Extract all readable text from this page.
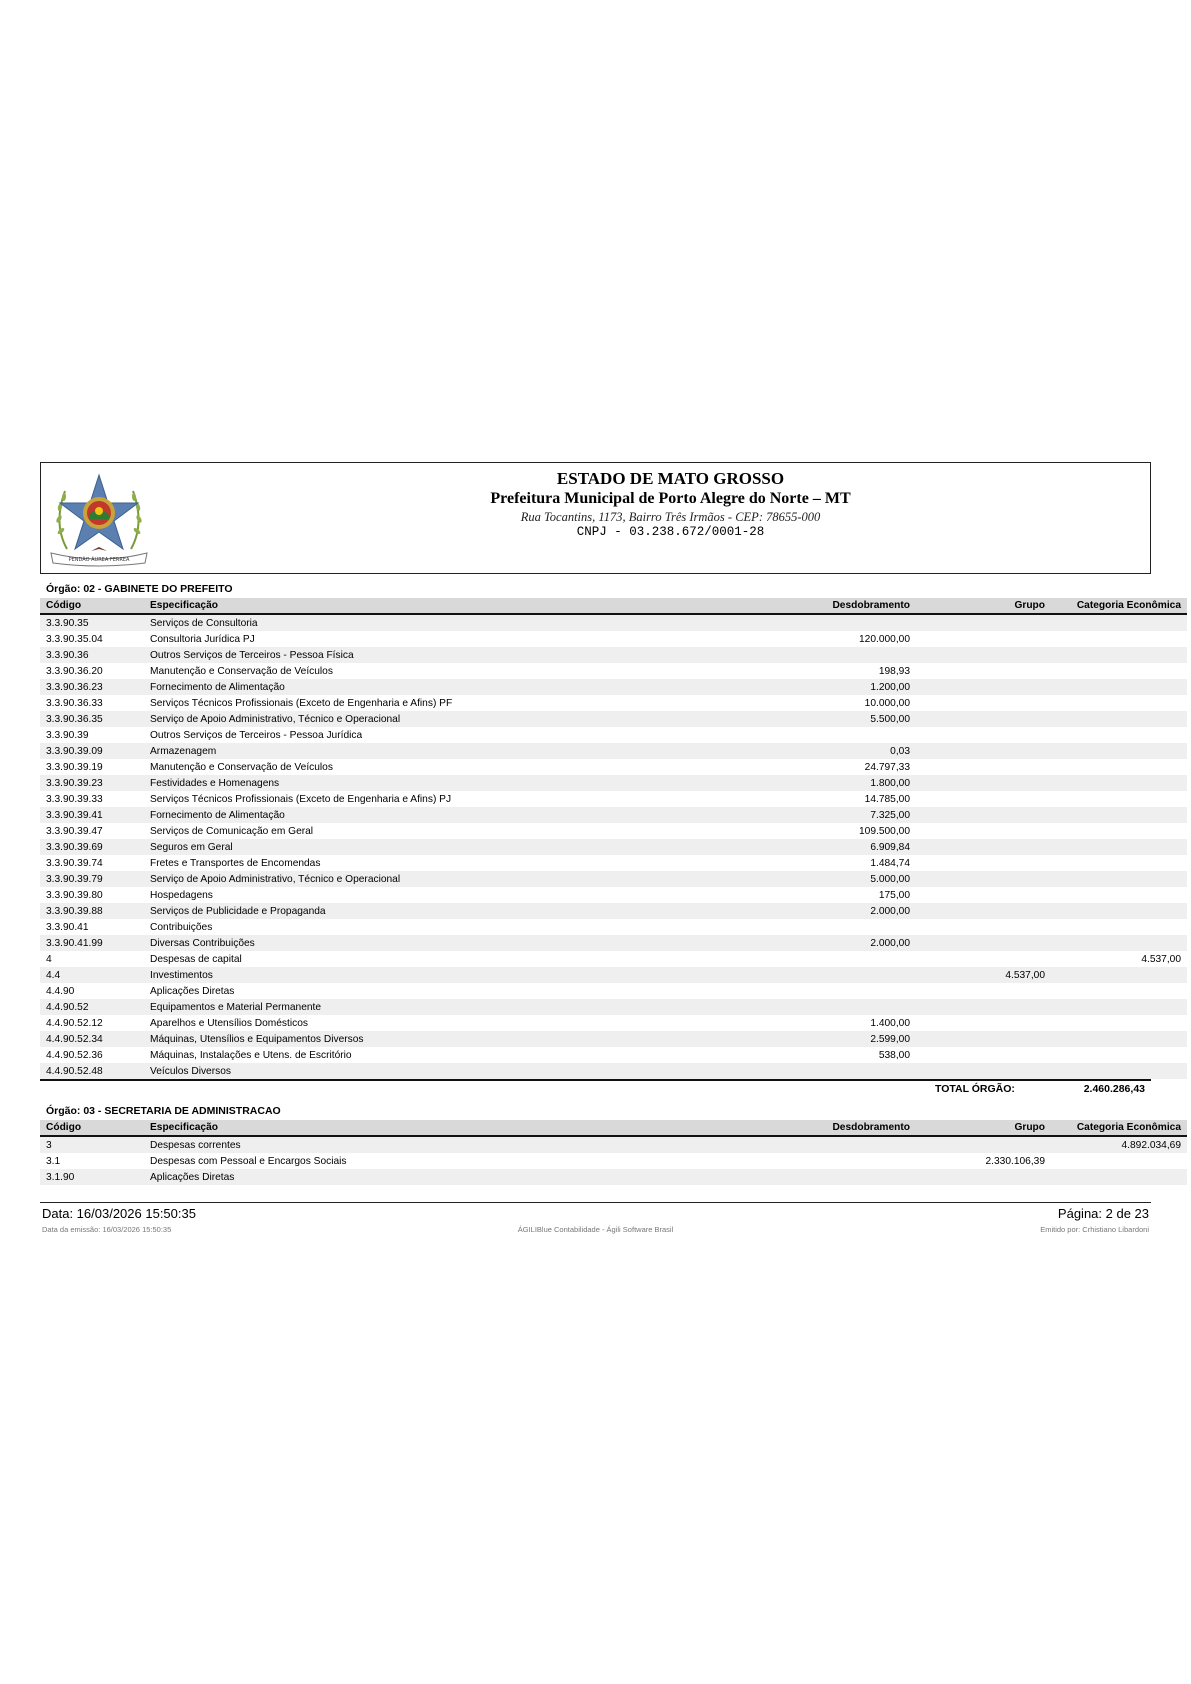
PENDÃO ÁUREA FERREA
ESTADO DE MATO GROSSO
Prefeitura Municipal de Porto Alegre do Norte – MT
Rua Tocantins, 1173, Bairro Três Irmãos - CEP: 78655-000
CNPJ - 03.238.672/0001-28
Órgão: 02 - GABINETE DO PREFEITO
Código	Especificação	Desdobramento	Grupo	Categoria Econômica
3.3.90.35	Serviços de Consultoria			
3.3.90.35.04	Consultoria Jurídica PJ	120.000,00		
3.3.90.36	Outros Serviços de Terceiros - Pessoa Física			
3.3.90.36.20	Manutenção e Conservação de Veículos	198,93		
3.3.90.36.23	Fornecimento de Alimentação	1.200,00		
3.3.90.36.33	Serviços Técnicos Profissionais (Exceto de Engenharia e Afins) PF	10.000,00		
3.3.90.36.35	Serviço de Apoio Administrativo, Técnico e Operacional	5.500,00		
3.3.90.39	Outros Serviços de Terceiros - Pessoa Jurídica			
3.3.90.39.09	Armazenagem	0,03		
3.3.90.39.19	Manutenção e Conservação de Veículos	24.797,33		
3.3.90.39.23	Festividades e Homenagens	1.800,00		
3.3.90.39.33	Serviços Técnicos Profissionais (Exceto de Engenharia e Afins) PJ	14.785,00		
3.3.90.39.41	Fornecimento de Alimentação	7.325,00		
3.3.90.39.47	Serviços de Comunicação em Geral	109.500,00		
3.3.90.39.69	Seguros em Geral	6.909,84		
3.3.90.39.74	Fretes e Transportes de Encomendas	1.484,74		
3.3.90.39.79	Serviço de Apoio Administrativo, Técnico e Operacional	5.000,00		
3.3.90.39.80	Hospedagens	175,00		
3.3.90.39.88	Serviços de Publicidade e Propaganda	2.000,00		
3.3.90.41	Contribuições			
3.3.90.41.99	Diversas Contribuições	2.000,00		
4	Despesas de capital			4.537,00
4.4	Investimentos		4.537,00	
4.4.90	Aplicações Diretas			
4.4.90.52	Equipamentos e Material Permanente			
4.4.90.52.12	Aparelhos e Utensílios Domésticos	1.400,00		
4.4.90.52.34	Máquinas, Utensílios e Equipamentos Diversos	2.599,00		
4.4.90.52.36	Máquinas, Instalações e Utens. de Escritório	538,00		
4.4.90.52.48	Veículos Diversos			
TOTAL ÓRGÃO:	2.460.286,43
Órgão: 03 - SECRETARIA DE ADMINISTRACAO
Código	Especificação	Desdobramento	Grupo	Categoria Econômica
3	Despesas correntes			4.892.034,69
3.1	Despesas com Pessoal e Encargos Sociais		2.330.106,39	
3.1.90	Aplicações Diretas			
Data: 16/03/2026 15:50:35	Página: 2 de 23
Data da emissão: 16/03/2026 15:50:35	ÁGILIBlue Contabilidade - Ágili Software Brasil	Emitido por: Crhistiano Libardoni
